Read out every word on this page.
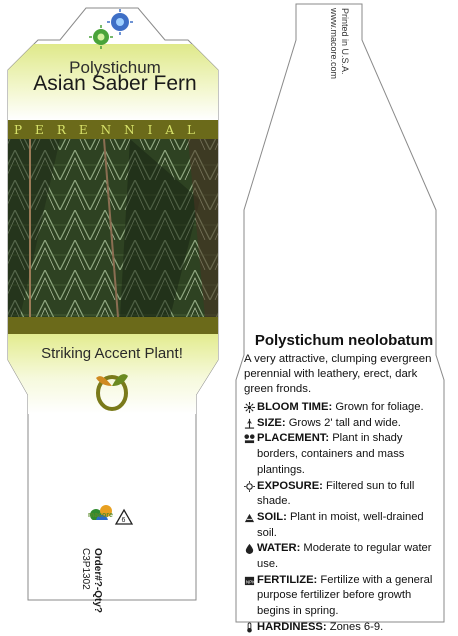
6
Polystichum
Asian Saber Fern
PERENNIAL
Striking Accent Plant!
macore
Order#?-Qty?
C3P1302
Printed in U.S.A.
www.macore.com
Polystichum neolobatum
A very attractive, clumping evergreen perennial with leathery, erect, dark green fronds.
BLOOM TIME: Grown for foliage.
SIZE: Grows 2' tall and wide.
PLACEMENT: Plant in shady borders, containers and mass plantings.
EXPOSURE: Filtered sun to full shade.
SOIL: Plant in moist, well-drained soil.
WATER: Moderate to regular water use.
NPK FERTILIZE: Fertilize with a general purpose fertilizer before growth begins in spring.
HARDINESS: Zones 6-9.
